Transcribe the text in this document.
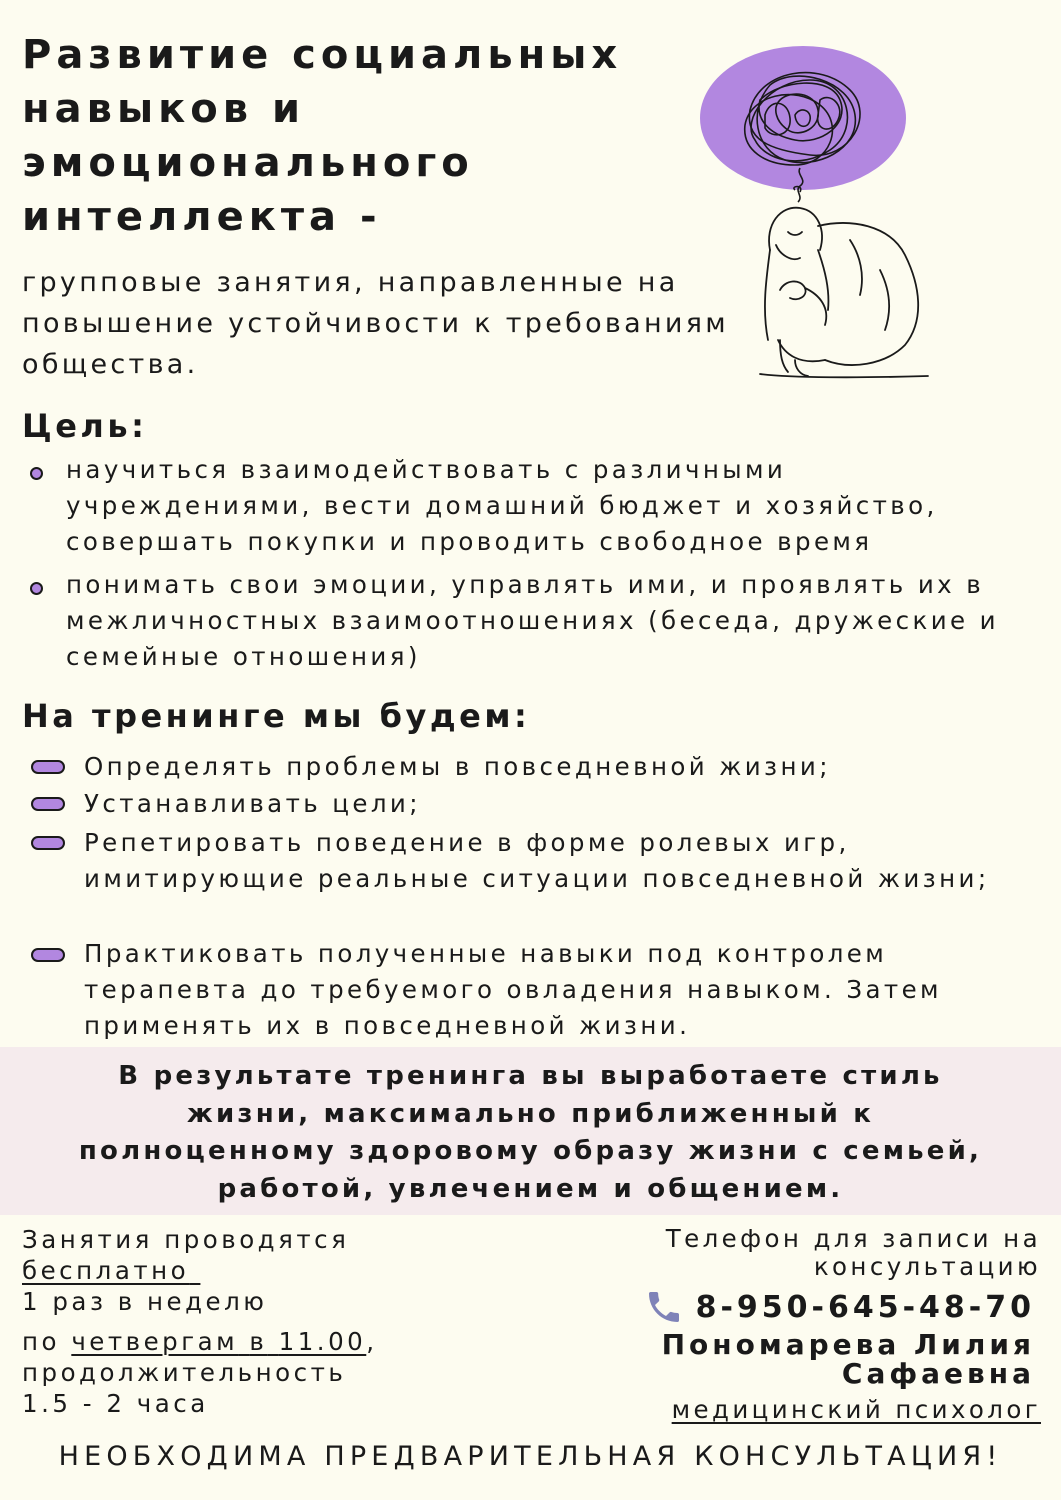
Развитие социальных навыков и эмоционального интеллекта -
групповые занятия, направленные на повышение устойчивости к требованиям общества.
Цель:
научиться взаимодействовать с различными учреждениями, вести домашний бюджет и хозяйство, совершать покупки и проводить свободное время
понимать свои эмоции, управлять ими, и проявлять их в межличностных взаимоотношениях (беседа, дружеские и семейные отношения)
На тренинге мы будем:
Определять проблемы в повседневной жизни;
Устанавливать цели;
Репетировать поведение в форме ролевых игр, имитирующие реальные ситуации повседневной жизни;
Практиковать полученные навыки под контролем терапевта до требуемого овладения навыком. Затем применять их в повседневной жизни.
В результате тренинга вы выработаете стиль жизни, максимально приближенный к полноценному здоровому образу жизни с семьей, работой, увлечением и общением.
Занятия проводятся
бесплатно
1 раз в неделю
по четвергам в 11.00,
продолжительность
1.5 - 2 часа
Телефон для записи на
консультацию
8-950-645-48-70
Пономарева Лилия
Сафаевна
медицинский психолог
НЕОБХОДИМА ПРЕДВАРИТЕЛЬНАЯ КОНСУЛЬТАЦИЯ!
